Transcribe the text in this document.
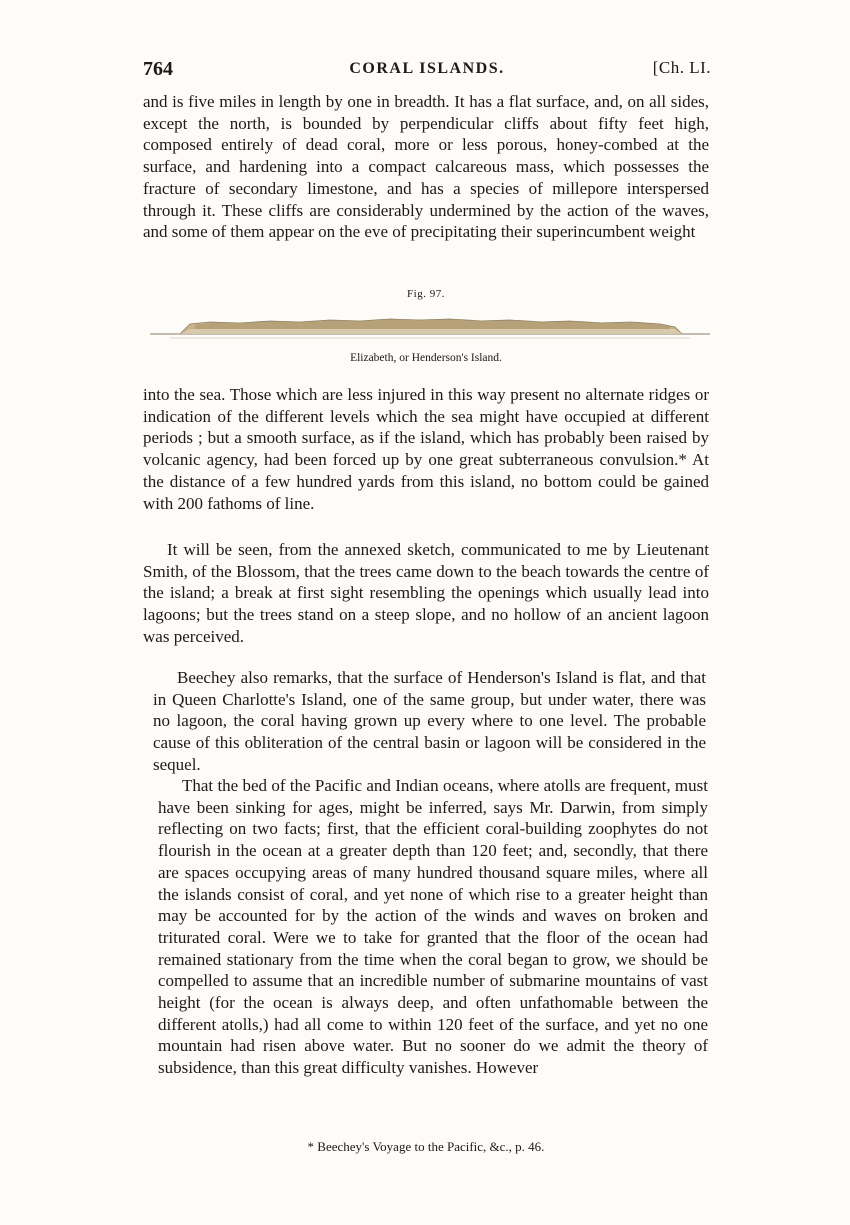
764	CORAL ISLANDS.	[Ch. LI.

and is five miles in length by one in breadth. It has a flat surface, and, on all sides, except the north, is bounded by perpendicular cliffs about fifty feet high, composed entirely of dead coral, more or less porous, honey-combed at the surface, and hardening into a compact calcareous mass, which possesses the fracture of secondary limestone, and has a species of millepore interspersed through it. These cliffs are considerably undermined by the action of the waves, and some of them appear on the eve of precipitating their superincumbent weight

Fig. 97.
Elizabeth, or Henderson's Island.

into the sea. Those which are less injured in this way present no alternate ridges or indication of the different levels which the sea might have occupied at different periods ; but a smooth surface, as if the island, which has probably been raised by volcanic agency, had been forced up by one great subterraneous convulsion.* At the distance of a few hundred yards from this island, no bottom could be gained with 200 fathoms of line.

It will be seen, from the annexed sketch, communicated to me by Lieutenant Smith, of the Blossom, that the trees came down to the beach towards the centre of the island; a break at first sight resembling the openings which usually lead into lagoons; but the trees stand on a steep slope, and no hollow of an ancient lagoon was perceived.

Beechey also remarks, that the surface of Henderson's Island is flat, and that in Queen Charlotte's Island, one of the same group, but under water, there was no lagoon, the coral having grown up every where to one level. The probable cause of this obliteration of the central basin or lagoon will be considered in the sequel.

That the bed of the Pacific and Indian oceans, where atolls are frequent, must have been sinking for ages, might be inferred, says Mr. Darwin, from simply reflecting on two facts; first, that the efficient coral-building zoophytes do not flourish in the ocean at a greater depth than 120 feet; and, secondly, that there are spaces occupying areas of many hundred thousand square miles, where all the islands consist of coral, and yet none of which rise to a greater height than may be accounted for by the action of the winds and waves on broken and triturated coral. Were we to take for granted that the floor of the ocean had remained stationary from the time when the coral began to grow, we should be compelled to assume that an incredible number of submarine mountains of vast height (for the ocean is always deep, and often unfathomable between the different atolls,) had all come to within 120 feet of the surface, and yet no one mountain had risen above water. But no sooner do we admit the theory of subsidence, than this great difficulty vanishes. However

* Beechey's Voyage to the Pacific, &c., p. 46.
